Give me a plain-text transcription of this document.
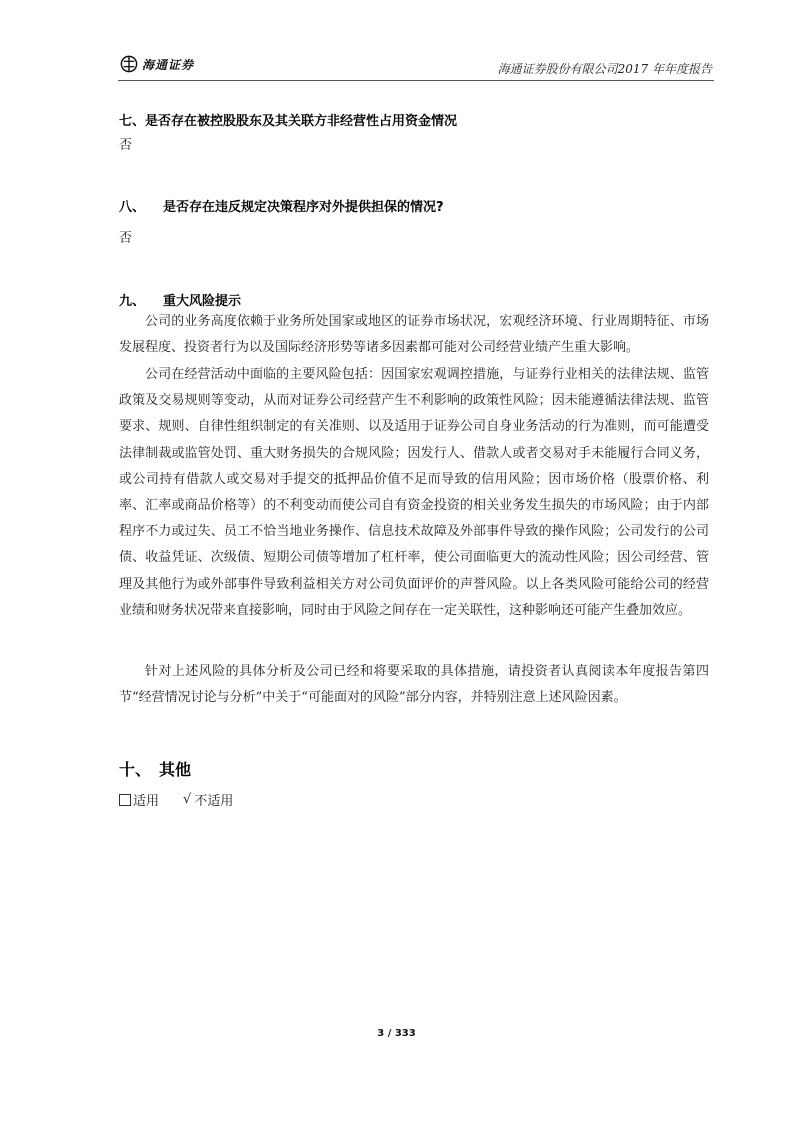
海通证券	海通证券股份有限公司2017 年年度报告
七、是否存在被控股股东及其关联方非经营性占用资金情况
否
八、 是否存在违反规定决策程序对外提供担保的情况?
否
九、 重大风险提示

公司的业务高度依赖于业务所处国家或地区的证券市场状况，宏观经济环境、行业周期特征、市场发展程度、投资者行为以及国际经济形势等诸多因素都可能对公司经营业绩产生重大影响。

公司在经营活动中面临的主要风险包括：因国家宏观调控措施，与证券行业相关的法律法规、监管政策及交易规则等变动，从而对证券公司经营产生不利影响的政策性风险；因未能遵循法律法规、监管要求、规则、自律性组织制定的有关准则、以及适用于证券公司自身业务活动的行为准则，而可能遭受法律制裁或监管处罚、重大财务损失的合规风险；因发行人、借款人或者交易对手未能履行合同义务，或公司持有借款人或交易对手提交的抵押品价值不足而导致的信用风险；因市场价格（股票价格、利率、汇率或商品价格等）的不利变动而使公司自有资金投资的相关业务发生损失的市场风险；由于内部程序不力或过失、员工不恰当地业务操作、信息技术故障及外部事件导致的操作风险；公司发行的公司债、收益凭证、次级债、短期公司债等增加了杠杆率，使公司面临更大的流动性风险；因公司经营、管理及其他行为或外部事件导致利益相关方对公司负面评价的声誉风险。以上各类风险可能给公司的经营业绩和财务状况带来直接影响，同时由于风险之间存在一定关联性，这种影响还可能产生叠加效应。

针对上述风险的具体分析及公司已经和将要采取的具体措施，请投资者认真阅读本年度报告第四节“经营情况讨论与分析”中关于“可能面对的风险”部分内容，并特别注意上述风险因素。

十、 其他
适用 √ 不适用
3 / 333
